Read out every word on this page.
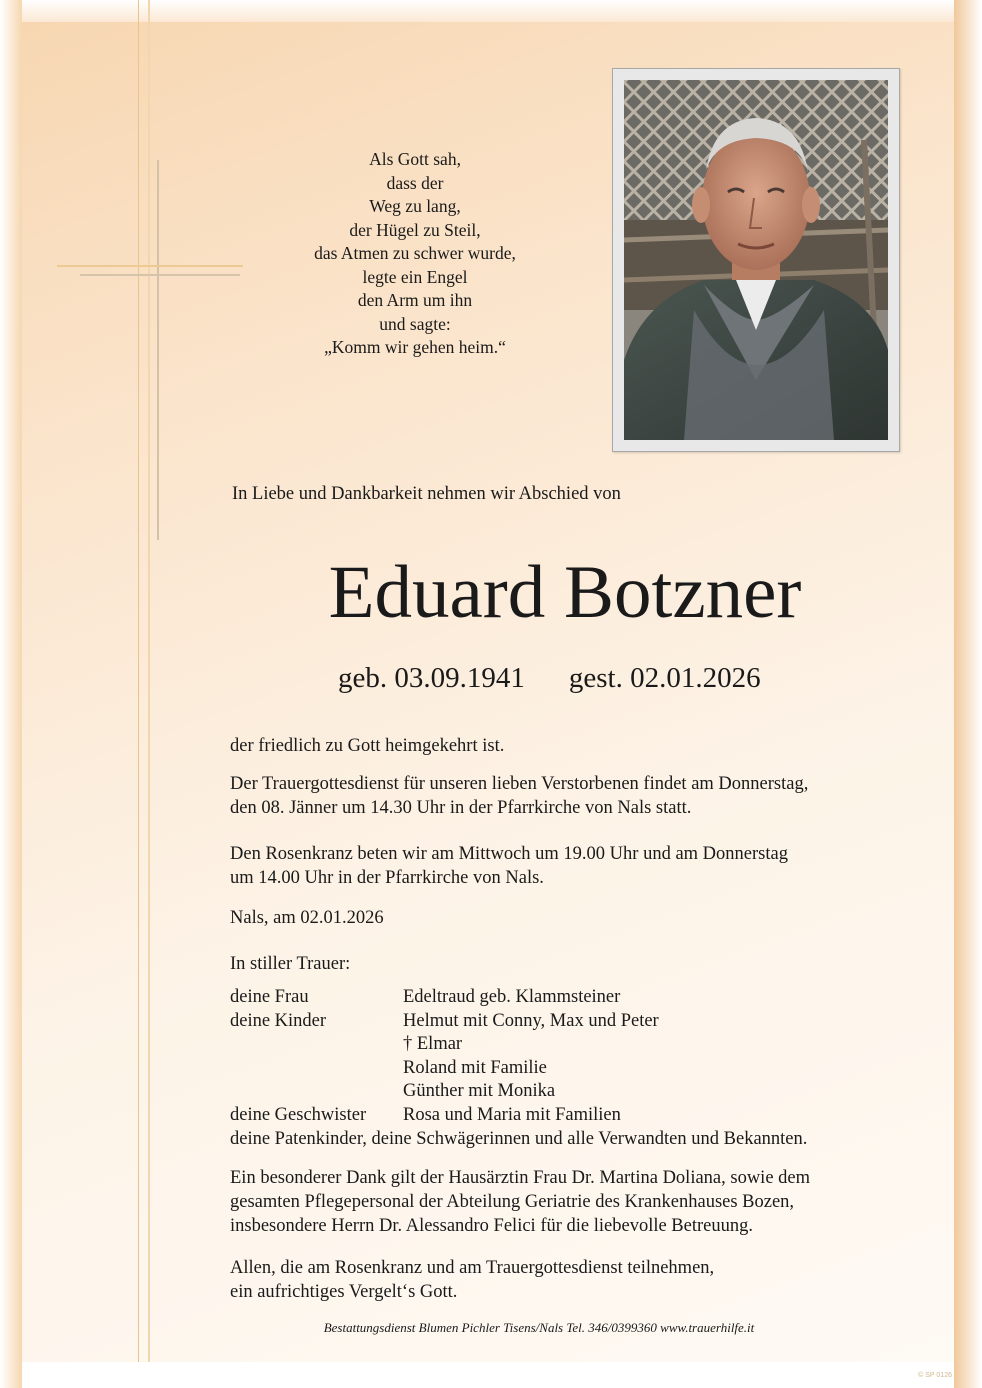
Als Gott sah,
dass der
Weg zu lang,
der Hügel zu Steil,
das Atmen zu schwer wurde,
legte ein Engel
den Arm um ihn
und sagte:
„Komm wir gehen heim.“
In Liebe und Dankbarkeit nehmen wir Abschied von
Eduard Botzner
geb. 03.09.1941 gest. 02.01.2026
der friedlich zu Gott heimgekehrt ist.
Der Trauergottesdienst für unseren lieben Verstorbenen findet am Donnerstag,
den 08. Jänner um 14.30 Uhr in der Pfarrkirche von Nals statt.
Den Rosenkranz beten wir am Mittwoch um 19.00 Uhr und am Donnerstag
um 14.00 Uhr in der Pfarrkirche von Nals.
Nals, am 02.01.2026
In stiller Trauer:
deine Frau	Edeltraud geb. Klammsteiner
deine Kinder	Helmut mit Conny, Max und Peter
† Elmar
Roland mit Familie
Günther mit Monika
deine Geschwister	Rosa und Maria mit Familien
deine Patenkinder, deine Schwägerinnen und alle Verwandten und Bekannten.
Ein besonderer Dank gilt der Hausärztin Frau Dr. Martina Doliana, sowie dem
gesamten Pflegepersonal der Abteilung Geriatrie des Krankenhauses Bozen,
insbesondere Herrn Dr. Alessandro Felici für die liebevolle Betreuung.
Allen, die am Rosenkranz und am Trauergottesdienst teilnehmen,
ein aufrichtiges Vergelt‘s Gott.
Bestattungsdienst Blumen Pichler Tisens/Nals Tel. 346/0399360 www.trauerhilfe.it
© SP 0126
